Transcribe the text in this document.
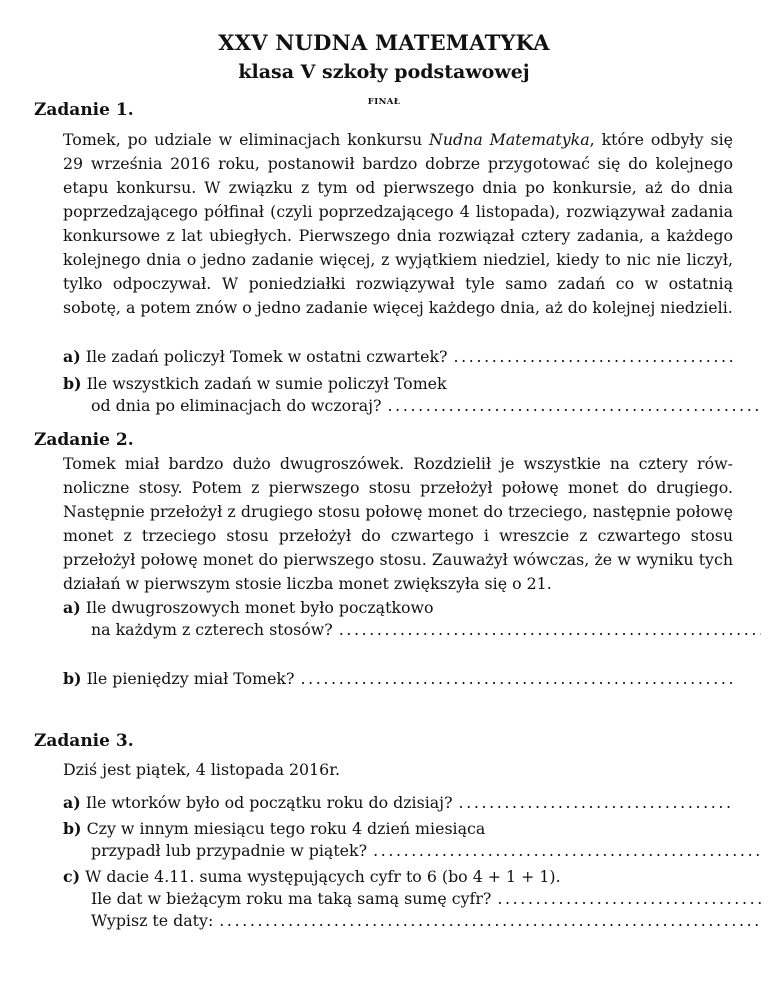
XXV NUDNA MATEMATYKA
klasa V szkoły podstawowej
FINAŁ
Zadanie 1.
Tomek, po udziale w eliminacjach konkursu Nudna Matematyka, które odbyły się 29 września 2016 roku, postanowił bardzo dobrze przygotować się do kolejnego etapu konkursu. W związku z tym od pierwszego dnia po konkursie, aż do dnia poprzedzającego półfinał (czyli poprzedzającego 4 listopada), rozwiązywał zadania konkursowe z lat ubiegłych. Pierwszego dnia rozwiązał cztery zadania, a każdego kolejnego dnia o jedno zadanie więcej, z wyjątkiem niedziel, kiedy to nic nie liczył, tylko odpoczywał. W poniedziałki rozwiązywał tyle samo zadań co w ostatnią sobotę, a potem znów o jedno zadanie więcej każdego dnia, aż do kolejnej niedzieli.
a) Ile zadań policzył Tomek w ostatni czwartek?
. . .
b) Ile wszystkich zadań w sumie policzył Tomek
od dnia po eliminacjach do wczoraj?
. . .
Zadanie 2.
Tomek miał bardzo dużo dwugroszówek. Rozdzielił je wszystkie na cztery równoliczne stosy. Potem z pierwszego stosu przełożył połowę monet do drugiego. Następnie przełożył z drugiego stosu połowę monet do trzeciego, następnie połowę monet z trzeciego stosu przełożył do czwartego i wreszcie z czwartego stosu przełożył połowę monet do pierwszego stosu. Zauważył wówczas, że w wyniku tych działań w pierwszym stosie liczba monet zwiększyła się o 21.
a) Ile dwugroszowych monet było początkowo
na każdym z czterech stosów?
. . .
b) Ile pieniędzy miał Tomek?
. . .
Zadanie 3.
Dziś jest piątek, 4 listopada 2016r.
a) Ile wtorków było od początku roku do dzisiaj?
. . .
b) Czy w innym miesiącu tego roku 4 dzień miesiąca
przypadł lub przypadnie w piątek?
. . .
c) W dacie 4.11. suma występujących cyfr to 6 (bo 4 + 1 + 1).
Ile dat w bieżącym roku ma taką samą sumę cyfr?
. . .
Wypisz te daty:
. . .
